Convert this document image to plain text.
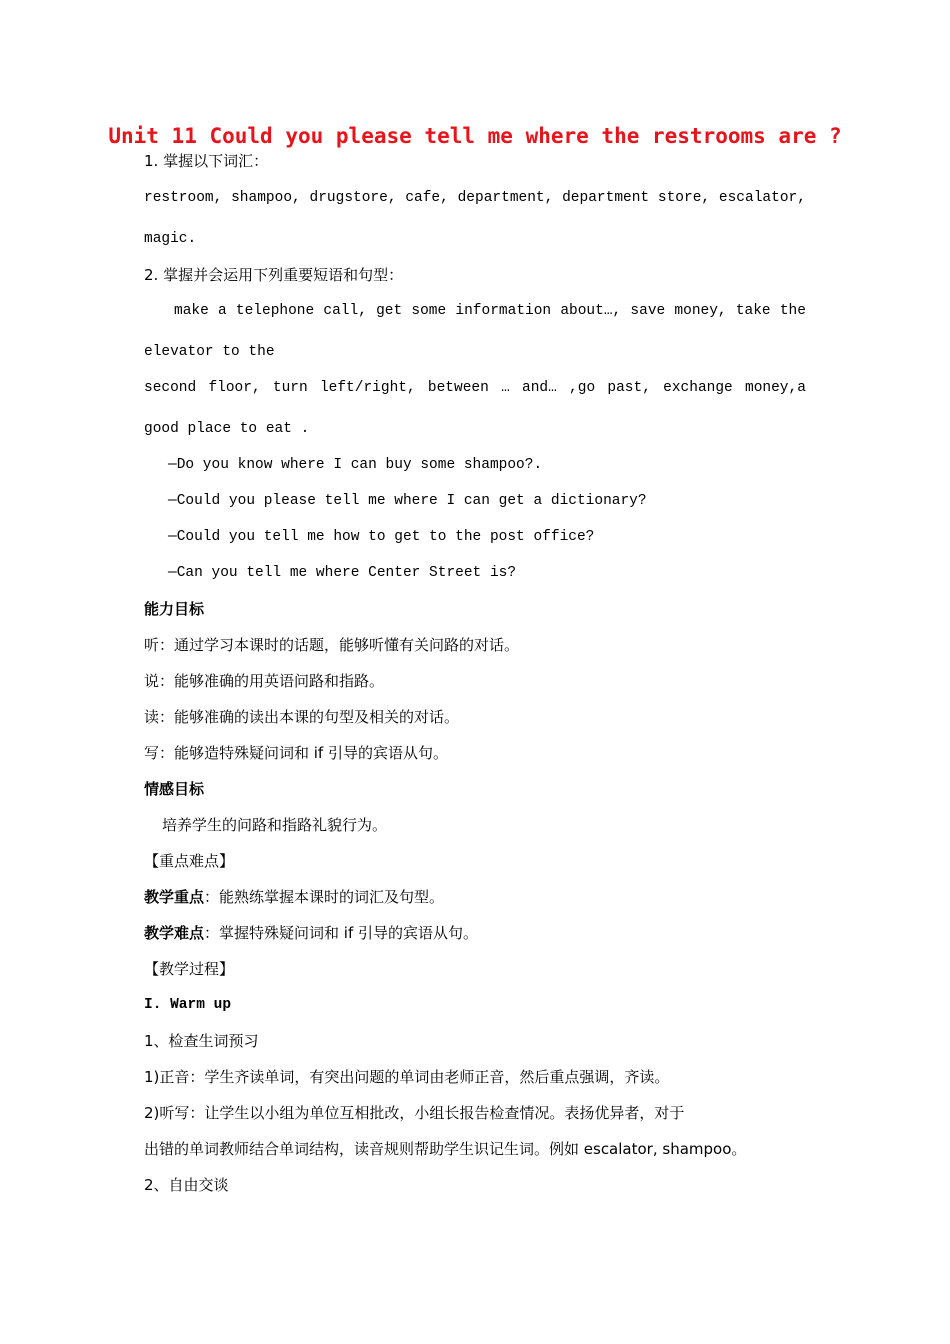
Unit 11 Could you please tell me where the restrooms are ?
1. 掌握以下词汇：
restroom, shampoo, drugstore, cafe, department, department store, escalator,
magic.
2. 掌握并会运用下列重要短语和句型：
make a telephone call, get some information about…, save money, take the
elevator to the
second floor, turn left/right, between … and… ,go past, exchange money,a
good place to eat .
—Do you know where I can buy some shampoo?.
—Could you please tell me where I can get a dictionary?
—Could you tell me how to get to the post office?
—Can you tell me where Center Street is?
能力目标
听：通过学习本课时的话题，能够听懂有关问路的对话。
说：能够准确的用英语问路和指路。
读：能够准确的读出本课的句型及相关的对话。
写：能够造特殊疑问词和 if 引导的宾语从句。
情感目标
培养学生的问路和指路礼貌行为。
【重点难点】
教学重点：能熟练掌握本课时的词汇及句型。
教学难点：掌握特殊疑问词和 if 引导的宾语从句。
【教学过程】
I. Warm up
1、检查生词预习
1)正音：学生齐读单词，有突出问题的单词由老师正音，然后重点强调，齐读。
2)听写：让学生以小组为单位互相批改，小组长报告检查情况。表扬优异者，对于
出错的单词教师结合单词结构，读音规则帮助学生识记生词。例如 escalator, shampoo。
2、自由交谈
